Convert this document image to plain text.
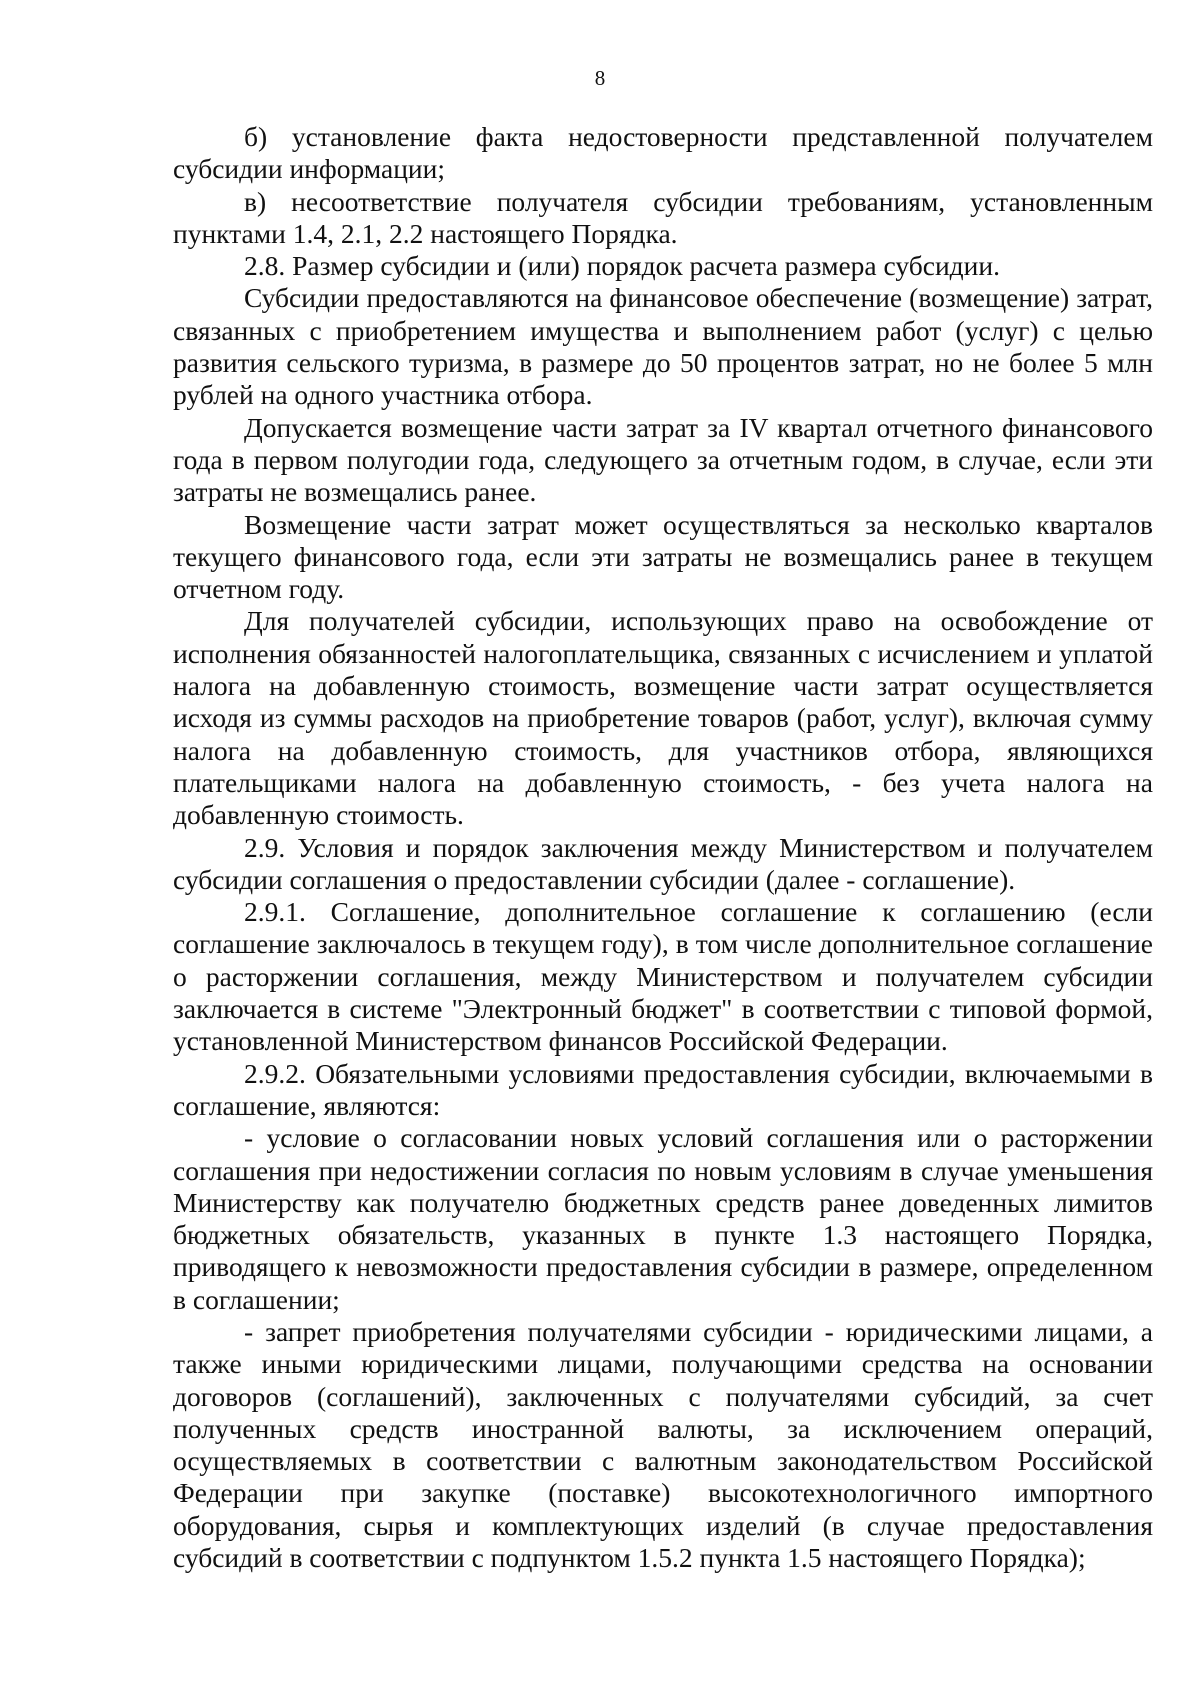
8

б) установление факта недостоверности представленной получателем субсидии информации;

в) несоответствие получателя субсидии требованиям, установленным пунктами 1.4, 2.1, 2.2 настоящего Порядка.

2.8. Размер субсидии и (или) порядок расчета размера субсидии.

Субсидии предоставляются на финансовое обеспечение (возмещение) затрат, связанных с приобретением имущества и выполнением работ (услуг) с целью развития сельского туризма, в размере до 50 процентов затрат, но не более 5 млн рублей на одного участника отбора.

Допускается возмещение части затрат за IV квартал отчетного финансового года в первом полугодии года, следующего за отчетным годом, в случае, если эти затраты не возмещались ранее.

Возмещение части затрат может осуществляться за несколько кварталов текущего финансового года, если эти затраты не возмещались ранее в текущем отчетном году.

Для получателей субсидии, использующих право на освобождение от исполнения обязанностей налогоплательщика, связанных с исчислением и уплатой налога на добавленную стоимость, возмещение части затрат осуществляется исходя из суммы расходов на приобретение товаров (работ, услуг), включая сумму налога на добавленную стоимость, для участников отбора, являющихся плательщиками налога на добавленную стоимость, - без учета налога на добавленную стоимость.

2.9. Условия и порядок заключения между Министерством и получателем субсидии соглашения о предоставлении субсидии (далее - соглашение).

2.9.1. Соглашение, дополнительное соглашение к соглашению (если соглашение заключалось в текущем году), в том числе дополнительное соглашение о расторжении соглашения, между Министерством и получателем субсидии заключается в системе "Электронный бюджет" в соответствии с типовой формой, установленной Министерством финансов Российской Федерации.

2.9.2. Обязательными условиями предоставления субсидии, включаемыми в соглашение, являются:

- условие о согласовании новых условий соглашения или о расторжении соглашения при недостижении согласия по новым условиям в случае уменьшения Министерству как получателю бюджетных средств ранее доведенных лимитов бюджетных обязательств, указанных в пункте 1.3 настоящего Порядка, приводящего к невозможности предоставления субсидии в размере, определенном в соглашении;

- запрет приобретения получателями субсидии - юридическими лицами, а также иными юридическими лицами, получающими средства на основании договоров (соглашений), заключенных с получателями субсидий, за счет полученных средств иностранной валюты, за исключением операций, осуществляемых в соответствии с валютным законодательством Российской Федерации при закупке (поставке) высокотехнологичного импортного оборудования, сырья и комплектующих изделий (в случае предоставления субсидий в соответствии с подпунктом 1.5.2 пункта 1.5 настоящего Порядка);
